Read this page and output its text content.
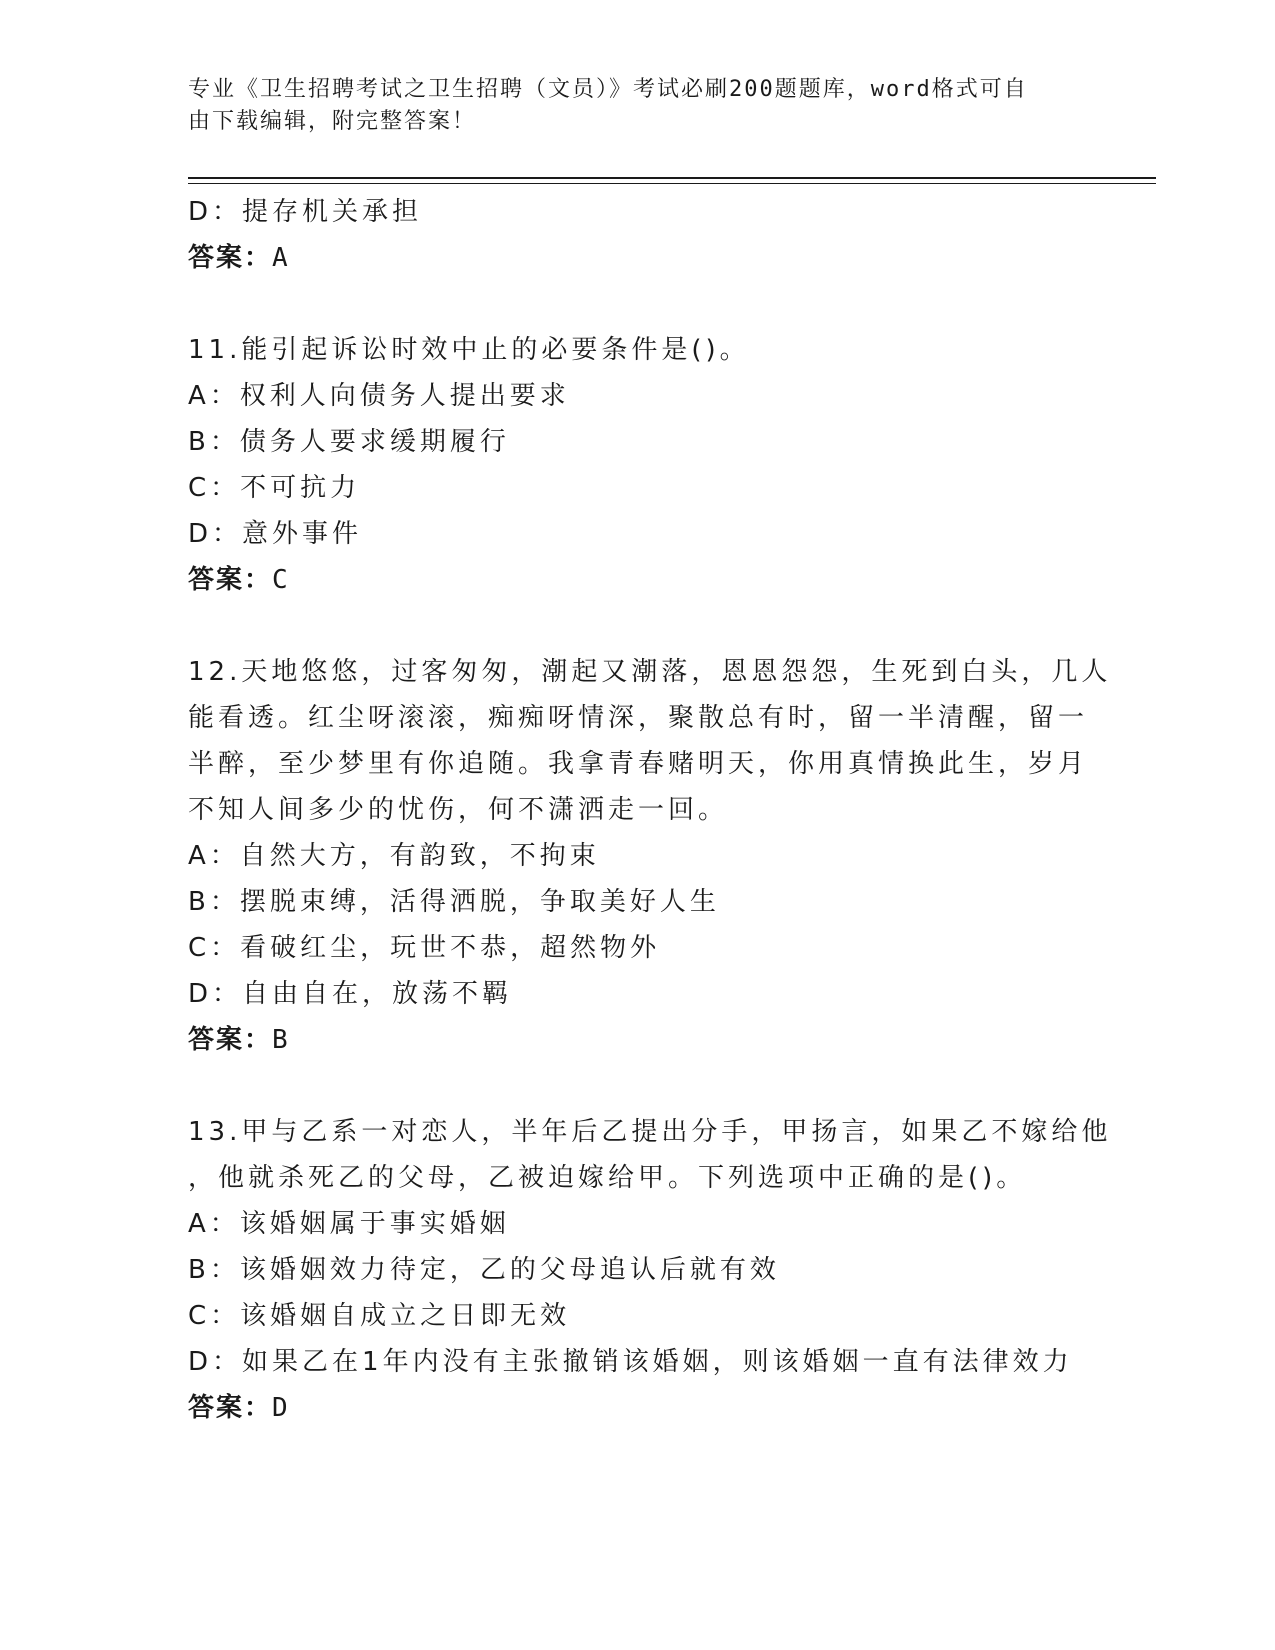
专业《卫生招聘考试之卫生招聘（文员）》考试必刷200题题库，word格式可自
由下载编辑，附完整答案！
D：提存机关承担
答案：A
11.能引起诉讼时效中止的必要条件是()。
A：权利人向债务人提出要求
B：债务人要求缓期履行
C：不可抗力
D：意外事件
答案：C
12.天地悠悠，过客匆匆，潮起又潮落，恩恩怨怨，生死到白头，几人
能看透。红尘呀滚滚，痴痴呀情深，聚散总有时，留一半清醒，留一
半醉，至少梦里有你追随。我拿青春赌明天，你用真情换此生，岁月
不知人间多少的忧伤，何不潇洒走一回。
A：自然大方，有韵致，不拘束
B：摆脱束缚，活得洒脱，争取美好人生
C：看破红尘，玩世不恭，超然物外
D：自由自在，放荡不羁
答案：B
13.甲与乙系一对恋人，半年后乙提出分手，甲扬言，如果乙不嫁给他
，他就杀死乙的父母，乙被迫嫁给甲。下列选项中正确的是()。
A：该婚姻属于事实婚姻
B：该婚姻效力待定，乙的父母追认后就有效
C：该婚姻自成立之日即无效
D：如果乙在1年内没有主张撤销该婚姻，则该婚姻一直有法律效力
答案：D
